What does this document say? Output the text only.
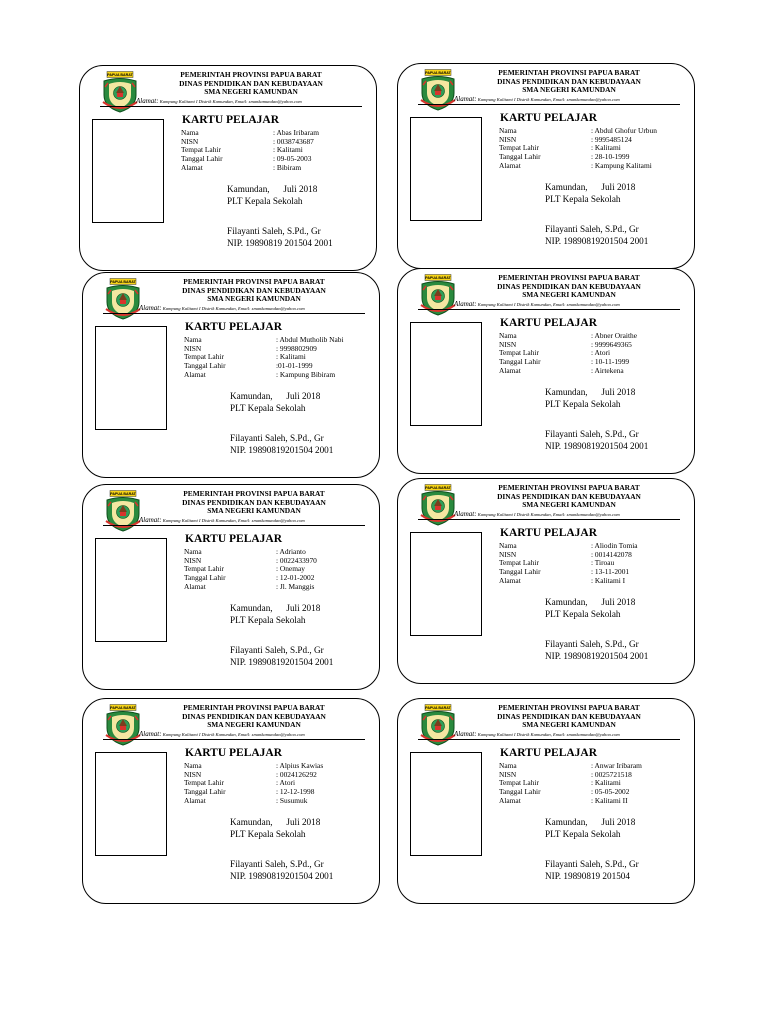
PAPUA BARAT	PEMERINTAH PROVINSI PAPUA BARAT
DINAS PENDIDIKAN DAN KEBUDAYAAN
SMA NEGERI KAMUNDAN
Alamat: Kampung Kalitami I Distrik Kamundan, Email: smankamundan@yahoo.com
KARTU PELAJAR
Nama	: Abas Iribaram
NISN	: 0038743687
Tempat Lahir	: Kalitami
Tanggal Lahir	: 09-05-2003
Alamat	: Bibiram
Kamundan,      Juli 2018
PLT Kepala Sekolah
Filayanti Saleh, S.Pd., Gr
NIP. 19890819 201504 2001
PAPUA BARAT	PEMERINTAH PROVINSI PAPUA BARAT
DINAS PENDIDIKAN DAN KEBUDAYAAN
SMA NEGERI KAMUNDAN
Alamat: Kampung Kalitami I Distrik Kamundan, Email: smankamundan@yahoo.com
KARTU PELAJAR
Nama	: Abdul Ghofur Urbun
NISN	: 9995485124
Tempat Lahir	: Kalitami
Tanggal Lahir	: 28-10-1999
Alamat	: Kampung Kalitami
Kamundan,      Juli 2018
PLT Kepala Sekolah
Filayanti Saleh, S.Pd., Gr
NIP. 19890819201504 2001
PAPUA BARAT	PEMERINTAH PROVINSI PAPUA BARAT
DINAS PENDIDIKAN DAN KEBUDAYAAN
SMA NEGERI KAMUNDAN
Alamat: Kampung Kalitami I Distrik Kamundan, Email: smankamundan@yahoo.com
KARTU PELAJAR
Nama	: Abdul Mutholib Nabi
NISN	: 9998802909
Tempat Lahir	: Kalitami
Tanggal Lahir	:01-01-1999
Alamat	: Kampung Bibiram
Kamundan,      Juli 2018
PLT Kepala Sekolah
Filayanti Saleh, S.Pd., Gr
NIP. 19890819201504 2001
PAPUA BARAT	PEMERINTAH PROVINSI PAPUA BARAT
DINAS PENDIDIKAN DAN KEBUDAYAAN
SMA NEGERI KAMUNDAN
Alamat: Kampung Kalitami I Distrik Kamundan, Email: smankamundan@yahoo.com
KARTU PELAJAR
Nama	: Abner Oraithe
NISN	: 9999649365
Tempat Lahir	: Atori
Tanggal Lahir	: 10-11-1999
Alamat	: Airtekena
Kamundan,      Juli 2018
PLT Kepala Sekolah
Filayanti Saleh, S.Pd., Gr
NIP. 19890819201504 2001
PAPUA BARAT	PEMERINTAH PROVINSI PAPUA BARAT
DINAS PENDIDIKAN DAN KEBUDAYAAN
SMA NEGERI KAMUNDAN
Alamat: Kampung Kalitami I Distrik Kamundan, Email: smankamundan@yahoo.com
KARTU PELAJAR
Nama	: Adrianto
NISN	: 0022433970
Tempat Lahir	: Onemay
Tanggal Lahir	: 12-01-2002
Alamat	: Jl. Manggis
Kamundan,      Juli 2018
PLT Kepala Sekolah
Filayanti Saleh, S.Pd., Gr
NIP. 19890819201504 2001
PAPUA BARAT	PEMERINTAH PROVINSI PAPUA BARAT
DINAS PENDIDIKAN DAN KEBUDAYAAN
SMA NEGERI KAMUNDAN
Alamat: Kampung Kalitami I Distrik Kamundan, Email: smankamundan@yahoo.com
KARTU PELAJAR
Nama	: Aliodin Tomia
NISN	: 0014142078
Tempat Lahir	: Tiroau
Tanggal Lahir	: 13-11-2001
Alamat	: Kalitami I
Kamundan,      Juli 2018
PLT Kepala Sekolah
Filayanti Saleh, S.Pd., Gr
NIP. 19890819201504 2001
PAPUA BARAT	PEMERINTAH PROVINSI PAPUA BARAT
DINAS PENDIDIKAN DAN KEBUDAYAAN
SMA NEGERI KAMUNDAN
Alamat: Kampung Kalitami I Distrik Kamundan, Email: smankamundan@yahoo.com
KARTU PELAJAR
Nama	: Alpius Kawias
NISN	: 0024126292
Tempat Lahir	: Atori
Tanggal Lahir	: 12-12-1998
Alamat	: Susumuk
Kamundan,      Juli 2018
PLT Kepala Sekolah
Filayanti Saleh, S.Pd., Gr
NIP. 19890819201504 2001
PAPUA BARAT	PEMERINTAH PROVINSI PAPUA BARAT
DINAS PENDIDIKAN DAN KEBUDAYAAN
SMA NEGERI KAMUNDAN
Alamat: Kampung Kalitami I Distrik Kamundan, Email: smankamundan@yahoo.com
KARTU PELAJAR
Nama	: Anwar Iribaram
NISN	: 0025721518
Tempat Lahir	: Kalitami
Tanggal Lahir	: 05-05-2002
Alamat	: Kalitami II
Kamundan,      Juli 2018
PLT Kepala Sekolah
Filayanti Saleh, S.Pd., Gr
NIP. 19890819 201504
